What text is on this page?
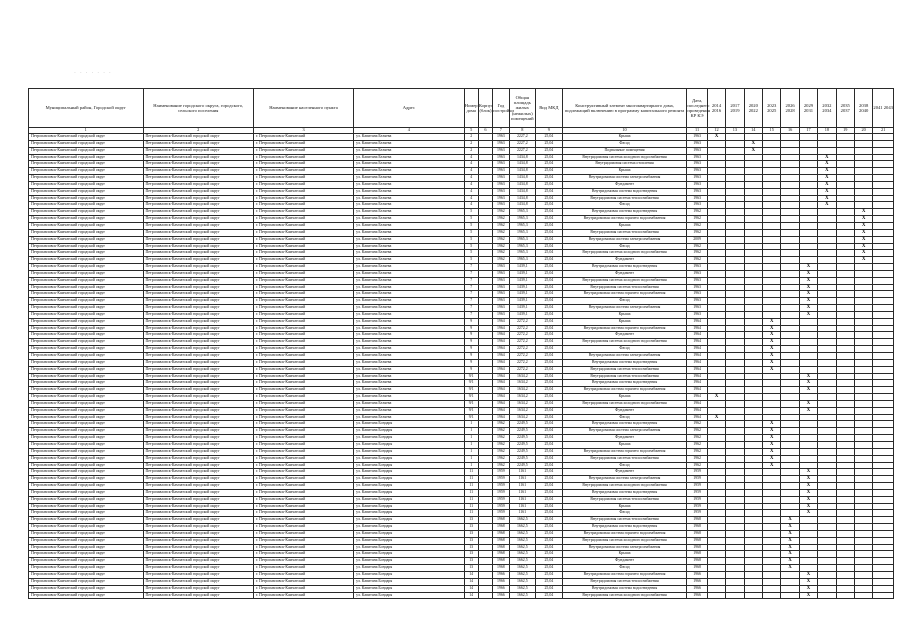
· · · · · · ·
Муниципальный район, Городской округ	Наименование городского округа, городского, сельского поселения	Наименование населенного пункта	Адрес	Номер дома	Корпус (блок)	Год постройки	Общая площадь жилых (нежилых) помещений	Вид МКД	Конструктивный элемент многоквартирного дома, подлежащий включению в программу капитального ремонта	Дата, последнего проведения КР КЭ	2014 2016	2017 2019	2020 2022	2023 2025	2026 2028	2029 2031	2032 2034	2035 2037	2038 2040	2041 2043
1	2	3	4	5	6	7	8	9	10	11	12	13	14	15	16	17	18	19	20	21
Петропавловск-Камчатский городской округ	Петропавловск-Камчатский городской округ	г. Петропавловск-Камчатский	ул. Капитана Беляева	2		1963	2227,2	25,04	Крыша	1963	X									
Петропавловск-Камчатский городской округ	Петропавловск-Камчатский городской округ	г. Петропавловск-Камчатский	ул. Капитана Беляева	2		1963	2227,2	25,04	Фасад	1963			X							
Петропавловск-Камчатский городской округ	Петропавловск-Камчатский городской округ	г. Петропавловск-Камчатский	ул. Капитана Беляева	2		1963	2227,2	25,04	Подвальные помещения	1963			X							
Петропавловск-Камчатский городской округ	Петропавловск-Камчатский городской округ	г. Петропавловск-Камчатский	ул. Капитана Беляева	4		1963	1434,8	25,04	Внутридомовая система холодного водоснабжения	1963							X			
Петропавловск-Камчатский городской округ	Петропавловск-Камчатский городской округ	г. Петропавловск-Камчатский	ул. Капитана Беляева	4		1963	1434,8	25,04	Внутридомовая система отопления	1963							X			
Петропавловск-Камчатский городской округ	Петропавловск-Камчатский городской округ	г. Петропавловск-Камчатский	ул. Капитана Беляева	4		1963	1434,8	25,04	Крыша	1963							X			
Петропавловск-Камчатский городской округ	Петропавловск-Камчатский городской округ	г. Петропавловск-Камчатский	ул. Капитана Беляева	4		1963	1434,8	25,04	Внутридомовая система электроснабжения	1963							X			
Петропавловск-Камчатский городской округ	Петропавловск-Камчатский городской округ	г. Петропавловск-Камчатский	ул. Капитана Беляева	4		1963	1434,8	25,04	Фундамент	1963							X			
Петропавловск-Камчатский городской округ	Петропавловск-Камчатский городской округ	г. Петропавловск-Камчатский	ул. Капитана Беляева	4		1963	1434,8	25,04	Внутридомовая система водоотведения	1963							X			
Петропавловск-Камчатский городской округ	Петропавловск-Камчатский городской округ	г. Петропавловск-Камчатский	ул. Капитана Беляева	4		1963	1434,8	25,04	Внутридомовая система теплоснабжения	1963							X			
Петропавловск-Камчатский городской округ	Петропавловск-Камчатский городской округ	г. Петропавловск-Камчатский	ул. Капитана Беляева	4		1963	1434,8	25,04	Фасад	1963							X			
Петропавловск-Камчатский городской округ	Петропавловск-Камчатский городской округ	г. Петропавловск-Камчатский	ул. Капитана Беляева	5		1962	1965,3	25,04	Внутридомовая система водоотведения	1962									X	
Петропавловск-Камчатский городской округ	Петропавловск-Камчатский городской округ	г. Петропавловск-Камчатский	ул. Капитана Беляева	5		1962	1965,3	25,04	Внутридомовая система горячего водоснабжения	1962									X	
Петропавловск-Камчатский городской округ	Петропавловск-Камчатский городской округ	г. Петропавловск-Камчатский	ул. Капитана Беляева	5		1962	1965,3	25,04	Крыша	1962									X	
Петропавловск-Камчатский городской округ	Петропавловск-Камчатский городской округ	г. Петропавловск-Камчатский	ул. Капитана Беляева	5		1962	1965,3	25,04	Внутридомовая система теплоснабжения	1962									X	
Петропавловск-Камчатский городской округ	Петропавловск-Камчатский городской округ	г. Петропавловск-Камчатский	ул. Капитана Беляева	5		1962	1965,3	25,04	Внутридомовая система электроснабжения	2009									X	
Петропавловск-Камчатский городской округ	Петропавловск-Камчатский городской округ	г. Петропавловск-Камчатский	ул. Капитана Беляева	5		1962	1965,3	25,04	Фасад	1962									X	
Петропавловск-Камчатский городской округ	Петропавловск-Камчатский городской округ	г. Петропавловск-Камчатский	ул. Капитана Беляева	5		1962	1965,3	25,04	Внутридомовая система холодного водоснабжения	1962									X	
Петропавловск-Камчатский городской округ	Петропавловск-Камчатский городской округ	г. Петропавловск-Камчатский	ул. Капитана Беляева	5		1962	1965,3	25,04	Фундамент	1962									X	
Петропавловск-Камчатский городской округ	Петропавловск-Камчатский городской округ	г. Петропавловск-Камчатский	ул. Капитана Беляева	7		1963	1439,1	25,04	Внутридомовая система водоотведения	1963						X				
Петропавловск-Камчатский городской округ	Петропавловск-Камчатский городской округ	г. Петропавловск-Камчатский	ул. Капитана Беляева	7		1963	1439,1	25,04	Фундамент	1963						X				
Петропавловск-Камчатский городской округ	Петропавловск-Камчатский городской округ	г. Петропавловск-Камчатский	ул. Капитана Беляева	7		1963	1439,1	25,04	Внутридомовая система холодного водоснабжения	1963						X				
Петропавловск-Камчатский городской округ	Петропавловск-Камчатский городской округ	г. Петропавловск-Камчатский	ул. Капитана Беляева	7		1963	1439,1	25,04	Внутридомовая система теплоснабжения	1963						X				
Петропавловск-Камчатский городской округ	Петропавловск-Камчатский городской округ	г. Петропавловск-Камчатский	ул. Капитана Беляева	7		1963	1439,1	25,04	Внутридомовая система горячего водоснабжения	1963						X				
Петропавловск-Камчатский городской округ	Петропавловск-Камчатский городской округ	г. Петропавловск-Камчатский	ул. Капитана Беляева	7		1963	1439,1	25,04	Фасад	1963						X				
Петропавловск-Камчатский городской округ	Петропавловск-Камчатский городской округ	г. Петропавловск-Камчатский	ул. Капитана Беляева	7		1963	1439,1	25,04	Внутридомовая система электроснабжения	1963						X				
Петропавловск-Камчатский городской округ	Петропавловск-Камчатский городской округ	г. Петропавловск-Камчатский	ул. Капитана Беляева	7		1963	1439,1	25,04	Крыша	1963						X				
Петропавловск-Камчатский городской округ	Петропавловск-Камчатский городской округ	г. Петропавловск-Камчатский	ул. Капитана Беляева	9		1964	2272,2	25,04	Крыша	1964				X						
Петропавловск-Камчатский городской округ	Петропавловск-Камчатский городской округ	г. Петропавловск-Камчатский	ул. Капитана Беляева	9		1964	2272,2	25,04	Внутридомовая система горячего водоснабжения	1964				X						
Петропавловск-Камчатский городской округ	Петропавловск-Камчатский городской округ	г. Петропавловск-Камчатский	ул. Капитана Беляева	9		1964	2272,2	25,04	Фундамент	1964				X						
Петропавловск-Камчатский городской округ	Петропавловск-Камчатский городской округ	г. Петропавловск-Камчатский	ул. Капитана Беляева	9		1964	2272,2	25,04	Внутридомовая система холодного водоснабжения	1964				X						
Петропавловск-Камчатский городской округ	Петропавловск-Камчатский городской округ	г. Петропавловск-Камчатский	ул. Капитана Беляева	9		1964	2272,2	25,04	Фасад	1964				X						
Петропавловск-Камчатский городской округ	Петропавловск-Камчатский городской округ	г. Петропавловск-Камчатский	ул. Капитана Беляева	9		1964	2272,2	25,04	Внутридомовая система электроснабжения	1964				X						
Петропавловск-Камчатский городской округ	Петропавловск-Камчатский городской округ	г. Петропавловск-Камчатский	ул. Капитана Беляева	9		1964	2272,2	25,04	Внутридомовая система водоотведения	1964				X						
Петропавловск-Камчатский городской округ	Петропавловск-Камчатский городской округ	г. Петропавловск-Камчатский	ул. Капитана Беляева	9		1964	2272,2	25,04	Внутридомовая система теплоснабжения	1964				X						
Петропавловск-Камчатский городской округ	Петропавловск-Камчатский городской округ	г. Петропавловск-Камчатский	ул. Капитана Беляева	9/1		1964	1634,2	25,04	Внутридомовая система теплоснабжения	1964						X				
Петропавловск-Камчатский городской округ	Петропавловск-Камчатский городской округ	г. Петропавловск-Камчатский	ул. Капитана Беляева	9/1		1964	1634,2	25,04	Внутридомовая система водоотведения	1964						X				
Петропавловск-Камчатский городской округ	Петропавловск-Камчатский городской округ	г. Петропавловск-Камчатский	ул. Капитана Беляева	9/1		1964	1634,2	25,04	Внутридомовая система горячего водоснабжения	1964						X				
Петропавловск-Камчатский городской округ	Петропавловск-Камчатский городской округ	г. Петропавловск-Камчатский	ул. Капитана Беляева	9/1		1964	1634,2	25,04	Крыша	1964	X									
Петропавловск-Камчатский городской округ	Петропавловск-Камчатский городской округ	г. Петропавловск-Камчатский	ул. Капитана Беляева	9/1		1964	1634,2	25,04	Внутридомовая система холодного водоснабжения	1964						X				
Петропавловск-Камчатский городской округ	Петропавловск-Камчатский городской округ	г. Петропавловск-Камчатский	ул. Капитана Беляева	9/1		1964	1634,2	25,04	Фундамент	1964						X				
Петропавловск-Камчатский городской округ	Петропавловск-Камчатский городской округ	г. Петропавловск-Камчатский	ул. Капитана Беляева	9/1		1964	1634,2	25,04	Фасад	1964	X									
Петропавловск-Камчатский городской округ	Петропавловск-Камчатский городской округ	г. Петропавловск-Камчатский	ул. Капитана Бондаря	1		1962	2249,5	25,04	Внутридомовая система водоотведения	1962				X						
Петропавловск-Камчатский городской округ	Петропавловск-Камчатский городской округ	г. Петропавловск-Камчатский	ул. Капитана Бондаря	1		1962	2249,5	25,04	Внутридомовая система электроснабжения	1962				X						
Петропавловск-Камчатский городской округ	Петропавловск-Камчатский городской округ	г. Петропавловск-Камчатский	ул. Капитана Бондаря	1		1962	2249,5	25,04	Фундамент	1962				X						
Петропавловск-Камчатский городской округ	Петропавловск-Камчатский городской округ	г. Петропавловск-Камчатский	ул. Капитана Бондаря	1		1962	2249,5	25,04	Крыша	1962				X						
Петропавловск-Камчатский городской округ	Петропавловск-Камчатский городской округ	г. Петропавловск-Камчатский	ул. Капитана Бондаря	1		1962	2249,5	25,04	Внутридомовая система горячего водоснабжения	1962				X						
Петропавловск-Камчатский городской округ	Петропавловск-Камчатский городской округ	г. Петропавловск-Камчатский	ул. Капитана Бондаря	1		1962	2249,5	25,04	Внутридомовая система теплоснабжения	1962				X						
Петропавловск-Камчатский городской округ	Петропавловск-Камчатский городской округ	г. Петропавловск-Камчатский	ул. Капитана Бондаря	1		1962	2249,5	25,04	Фасад	1962				X						
Петропавловск-Камчатский городской округ	Петропавловск-Камчатский городской округ	г. Петропавловск-Камчатский	ул. Капитана Бондаря	11		1959	1161	25,04	Фундамент	1959						X				
Петропавловск-Камчатский городской округ	Петропавловск-Камчатский городской округ	г. Петропавловск-Камчатский	ул. Капитана Бондаря	11		1959	1161	25,04	Внутридомовая система электроснабжения	1959						X				
Петропавловск-Камчатский городской округ	Петропавловск-Камчатский городской округ	г. Петропавловск-Камчатский	ул. Капитана Бондаря	11		1959	1161	25,04	Внутридомовая система холодного водоснабжения	1959						X				
Петропавловск-Камчатский городской округ	Петропавловск-Камчатский городской округ	г. Петропавловск-Камчатский	ул. Капитана Бондаря	11		1959	1161	25,04	Внутридомовая система водоотведения	1959						X				
Петропавловск-Камчатский городской округ	Петропавловск-Камчатский городской округ	г. Петропавловск-Камчатский	ул. Капитана Бондаря	11		1959	1161	25,04	Внутридомовая система теплоснабжения	1959						X				
Петропавловск-Камчатский городской округ	Петропавловск-Камчатский городской округ	г. Петропавловск-Камчатский	ул. Капитана Бондаря	11		1959	1161	25,04	Крыша	1959						X				
Петропавловск-Камчатский городской округ	Петропавловск-Камчатский городской округ	г. Петропавловск-Камчатский	ул. Капитана Бондаря	11		1959	1161	25,04	Фасад	1959						X				
Петропавловск-Камчатский городской округ	Петропавловск-Камчатский городской округ	г. Петропавловск-Камчатский	ул. Капитана Бондаря	13		1968	1662,5	25,04	Внутридомовая система теплоснабжения	1968					X					
Петропавловск-Камчатский городской округ	Петропавловск-Камчатский городской округ	г. Петропавловск-Камчатский	ул. Капитана Бондаря	13		1968	1662,5	25,04	Внутридомовая система водоотведения	1968					X					
Петропавловск-Камчатский городской округ	Петропавловск-Камчатский городской округ	г. Петропавловск-Камчатский	ул. Капитана Бондаря	13		1968	1662,5	25,04	Внутридомовая система горячего водоснабжения	1968					X					
Петропавловск-Камчатский городской округ	Петропавловск-Камчатский городской округ	г. Петропавловск-Камчатский	ул. Капитана Бондаря	13		1968	1662,5	25,04	Внутридомовая система холодного водоснабжения	1968					X					
Петропавловск-Камчатский городской округ	Петропавловск-Камчатский городской округ	г. Петропавловск-Камчатский	ул. Капитана Бондаря	13		1968	1662,5	25,04	Внутридомовая система электроснабжения	1968					X					
Петропавловск-Камчатский городской округ	Петропавловск-Камчатский городской округ	г. Петропавловск-Камчатский	ул. Капитана Бондаря	13		1968	1662,5	25,04	Крыша	1968					X					
Петропавловск-Камчатский городской округ	Петропавловск-Камчатский городской округ	г. Петропавловск-Камчатский	ул. Капитана Бондаря	13		1968	1662,5	25,04	Фундамент	1968					X					
Петропавловск-Камчатский городской округ	Петропавловск-Камчатский городской округ	г. Петропавловск-Камчатский	ул. Капитана Бондаря	13		1968	1662,5	25,04	Фасад	1968					X					
Петропавловск-Камчатский городской округ	Петропавловск-Камчатский городской округ	г. Петропавловск-Камчатский	ул. Капитана Бондаря	14		1966	1662,5	25,04	Внутридомовая система горячего водоснабжения	1966						X				
Петропавловск-Камчатский городской округ	Петропавловск-Камчатский городской округ	г. Петропавловск-Камчатский	ул. Капитана Бондаря	14		1966	1662,5	25,04	Внутридомовая система теплоснабжения	1966						X				
Петропавловск-Камчатский городской округ	Петропавловск-Камчатский городской округ	г. Петропавловск-Камчатский	ул. Капитана Бондаря	14		1966	1662,5	25,04	Внутридомовая система водоотведения	1966						X				
Петропавловск-Камчатский городской округ	Петропавловск-Камчатский городской округ	г. Петропавловск-Камчатский	ул. Капитана Бондаря	14		1966	1662,5	25,04	Внутридомовая система холодного водоснабжения	1966						X				
